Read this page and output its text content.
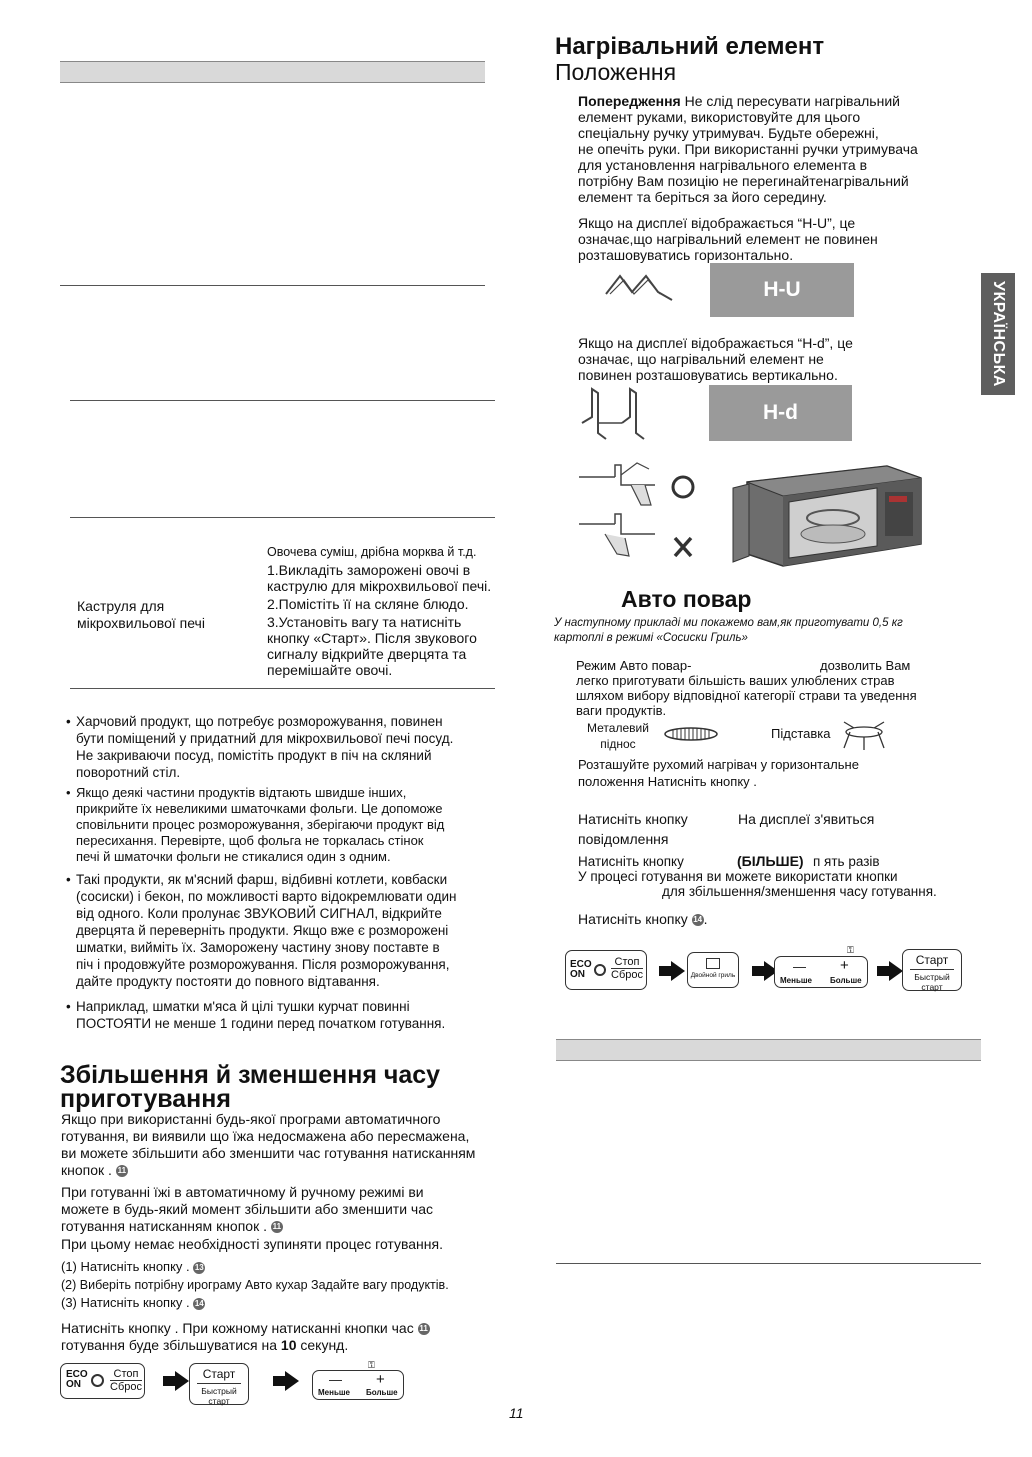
Каструля для
мікрохвильової печі
Овочева суміш, дрібна морква й т.д.
1.Викладіть заморожені овочі в
каструлю для мікрохвильової печі.
2.Помістіть її на скляне блюдо.
3.Установіть вагу та натисніть
кнопку «Старт». Після звукового
сигналу відкрийте дверцята та
перемішайте овочі.
• Харчовий продукт, що потребує розморожування, повинен
бути поміщений у придатний для мікрохвильової печі посуд.
Не закриваючи посуд, помістіть продукт в піч на скляний
поворотний стіл.
• Якщо деякі частини продуктів відтають швидше інших,
прикрийте їх невеликими шматочками фольги. Це допоможе
сповільнити процес розморожування, зберігаючи продукт від
пересихання. Перевірте, щоб фольга не торкалась стінок
печі й шматочки фольги не стикалися один з одним.
• Такі продукти, як м'ясний фарш, відбивні котлети, ковбаски
(сосиски) і бекон, по можливості варто відокремлювати один
від одного. Коли пролунає ЗВУКОВИЙ СИГНАЛ, відкрийте
дверцята й переверніть продукти. Якщо вже є розморожені
шматки, вийміть їх. Заморожену частину знову поставте в
піч і продовжуйте розморожування. Після розморожування,
дайте продукту постояти до повного відтавання.
• Наприклад, шматки м'яса й цілі тушки курчат повинні
ПОСТОЯТИ не менше 1 години перед початком готування.
Збільшення й зменшення часу
приготування
Якщо при використанні будь-якої програми автоматичного
готування, ви виявили що їжа недосмажена або пересмажена,
ви можете збільшити або зменшити час готування натисканням
кнопок . 11
При готуванні їжі в автоматичному й ручному режимі ви
можете в будь-який момент збільшити або зменшити час
готування натисканням кнопок . 11
При цьому немає необхідності зупиняти процес готування.
(1) Натисніть кнопку . 13
(2) Виберіть потрібну ирограму Авто кухар Задайте вагу продуктів.
(3) Натисніть кнопку . 14
Натисніть кнопку . При кожному натисканні кнопки час 11
готування буде збільшуватися на 10 секунд.
ECO
ON
Стоп
Сброс
Старт
Быстрый старт
⚿
— +
Меньше Больше
11
Нагрівальний елемент
Положення
Попередження Не слід пересувати нагрівальний
елемент руками, використовуйте для цього
спеціальну ручку утримувач. Будьте обережні,
не опечіть руки. При використанні ручки утримувача
для установлення нагрівального елемента в
потрібну Вам позицію не перегинайтенагрівальний
елемент та беріться за його середину.
Якщо на дисплеї відображається “H-U”, це
означає,що нагрівальний елемент не повинен
розташовуватись горизонтально.
H-U
Якщо на дисплеї відображається “H-d”, це
означає, що нагрівальний елемент не
повинен розташовуватись вертикально.
H-d
Авто повар
У наступному прикладі ми покажемо вам,як приготувати 0,5 кг
картоплі в режимі «Сосиски Гриль»
Режим Авто повар-	дозволить Вам
легко приготувати більшість ваших улюблених страв
шляхом вибору відповідної категорії страви та уведення
ваги продуктів.
Металевий
піднос
Підставка
Розташуйте рухомий нагрівач у горизонтальне
положення Натисніть кнопку .
Натисніть кнопку
повідомлення
На дисплеї з'явиться
Натисніть кнопку	(БІЛЬШЕ) п ять разів
У процесі готування ви можете використати кнопки
для збільшення/зменшення часу готування.
Натисніть кнопку 14 .
ECO
ON
Стоп
Сброс	Двойной гриль
⚿
— +
Меньше Больше
Старт
Быстрый старт
УКРАЇНСЬКА
